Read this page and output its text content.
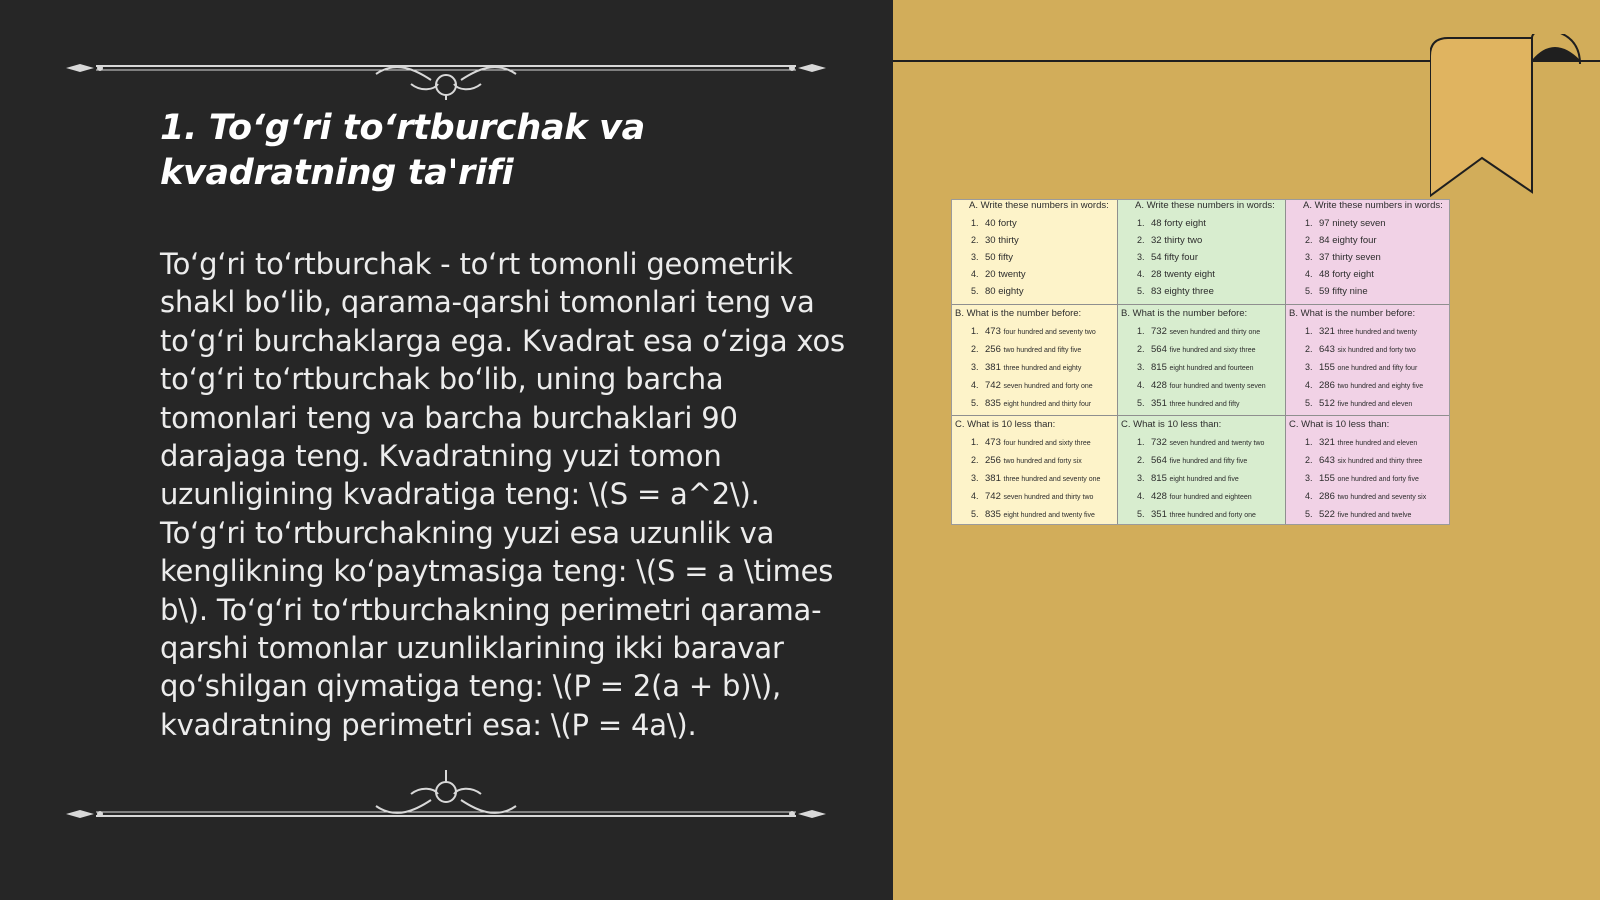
1. To‘g‘ri to‘rtburchak va kvadratning ta'rifi
To‘g‘ri to‘rtburchak - to‘rt tomonli geometrik shakl bo‘lib, qarama-qarshi tomonlari teng va to‘g‘ri burchaklarga ega. Kvadrat esa o‘ziga xos to‘g‘ri to‘rtburchak bo‘lib, uning barcha tomonlari teng va barcha burchaklari 90 darajaga teng. Kvadratning yuzi tomon uzunligining kvadratiga teng: \(S = a^2\). To‘g‘ri to‘rtburchakning yuzi esa uzunlik va kenglikning ko‘paytmasiga teng: \(S = a \times b\). To‘g‘ri to‘rtburchakning perimetri qarama-qarshi tomonlar uzunliklarining ikki baravar qo‘shilgan qiymatiga teng: \(P = 2(a + b)\), kvadratning perimetri esa: \(P = 4a\).
A. Write these numbers in words:
1. 40 forty
2. 30 thirty
3. 50 fifty
4. 20 twenty
5. 80 eighty
A. Write these numbers in words:
1. 48 forty eight
2. 32 thirty two
3. 54 fifty four
4. 28 twenty eight
5. 83 eighty three
A. Write these numbers in words:
1. 97 ninety seven
2. 84 eighty four
3. 37 thirty seven
4. 48 forty eight
5. 59 fifty nine
B. What is the number before:
1. 473 four hundred and seventy two
2. 256 two hundred and fifty five
3. 381 three hundred and eighty
4. 742 seven hundred and forty one
5. 835 eight hundred and thirty four
B. What is the number before:
1. 732 seven hundred and thirty one
2. 564 five hundred and sixty three
3. 815 eight hundred and fourteen
4. 428 four hundred and twenty seven
5. 351 three hundred and fifty
B. What is the number before:
1. 321 three hundred and twenty
2. 643 six hundred and forty two
3. 155 one hundred and fifty four
4. 286 two hundred and eighty five
5. 512 five hundred and eleven
C. What is 10 less than:
1. 473 four hundred and sixty three
2. 256 two hundred and forty six
3. 381 three hundred and seventy one
4. 742 seven hundred and thirty two
5. 835 eight hundred and twenty five
C. What is 10 less than:
1. 732 seven hundred and twenty two
2. 564 five hundred and fifty five
3. 815 eight hundred and five
4. 428 four hundred and eighteen
5. 351 three hundred and forty one
C. What is 10 less than:
1. 321 three hundred and eleven
2. 643 six hundred and thirty three
3. 155 one hundred and forty five
4. 286 two hundred and seventy six
5. 522 five hundred and twelve
